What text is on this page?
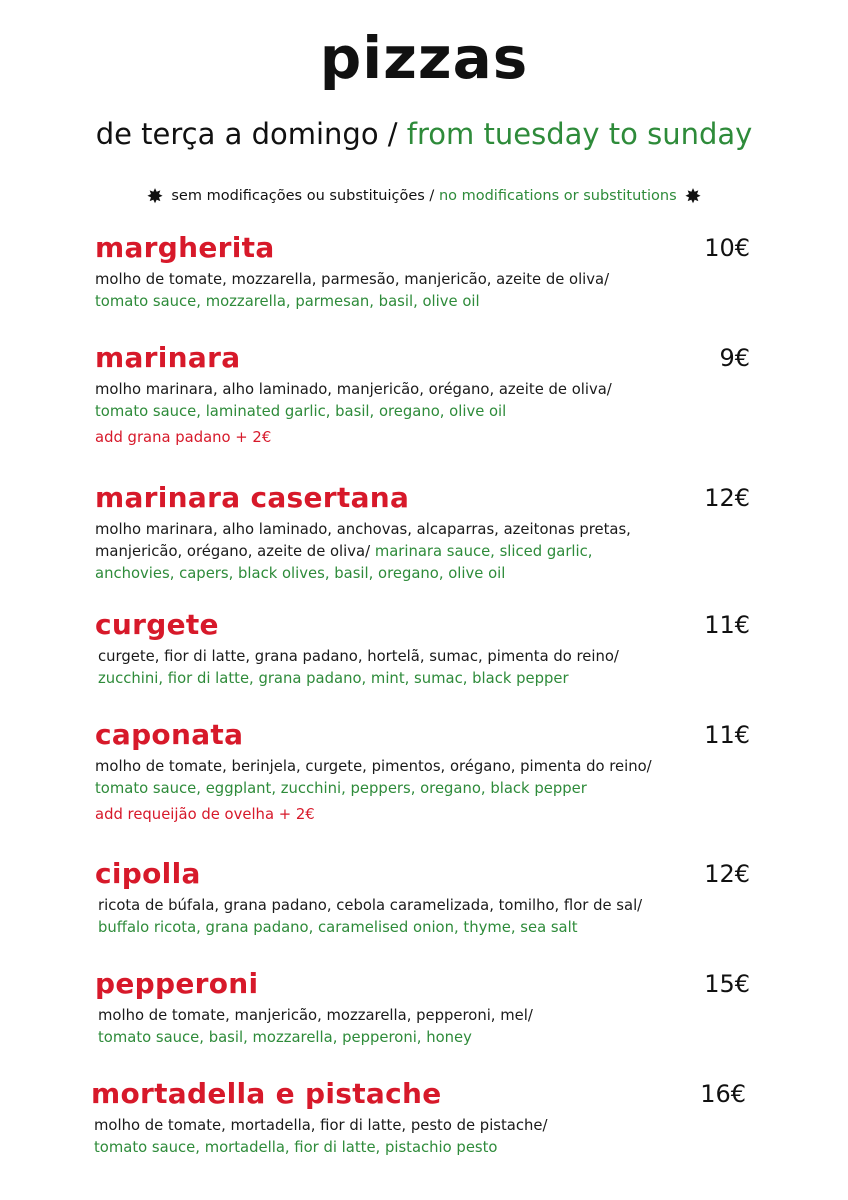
pizzas
de terça a domingo / from tuesday to sunday
✸ sem modificações ou substituições / no modifications or substitutions ✸
margherita	10€
molho de tomate, mozzarella, parmesão, manjericão, azeite de oliva/
tomato sauce, mozzarella, parmesan, basil, olive oil
marinara	9€
molho marinara, alho laminado, manjericão, orégano, azeite de oliva/
tomato sauce, laminated garlic, basil, oregano, olive oil
add grana padano + 2€
marinara casertana	12€
molho marinara, alho laminado, anchovas, alcaparras, azeitonas pretas, manjericão, orégano, azeite de oliva/ marinara sauce, sliced garlic, anchovies, capers, black olives, basil, oregano, olive oil
curgete	11€
curgete, fior di latte, grana padano, hortelã, sumac, pimenta do reino/
zucchini, fior di latte, grana padano, mint, sumac, black pepper
caponata	11€
molho de tomate, berinjela, curgete, pimentos, orégano, pimenta do reino/
tomato sauce, eggplant, zucchini, peppers, oregano, black pepper
add requeijão de ovelha + 2€
cipolla	12€
ricota de búfala, grana padano, cebola caramelizada, tomilho, flor de sal/
buffalo ricota, grana padano, caramelised onion, thyme, sea salt
pepperoni	15€
molho de tomate, manjericão, mozzarella, pepperoni, mel/
tomato sauce, basil, mozzarella, pepperoni, honey
mortadella e pistache	16€
molho de tomate, mortadella, fior di latte, pesto de pistache/
tomato sauce, mortadella, fior di latte, pistachio pesto
